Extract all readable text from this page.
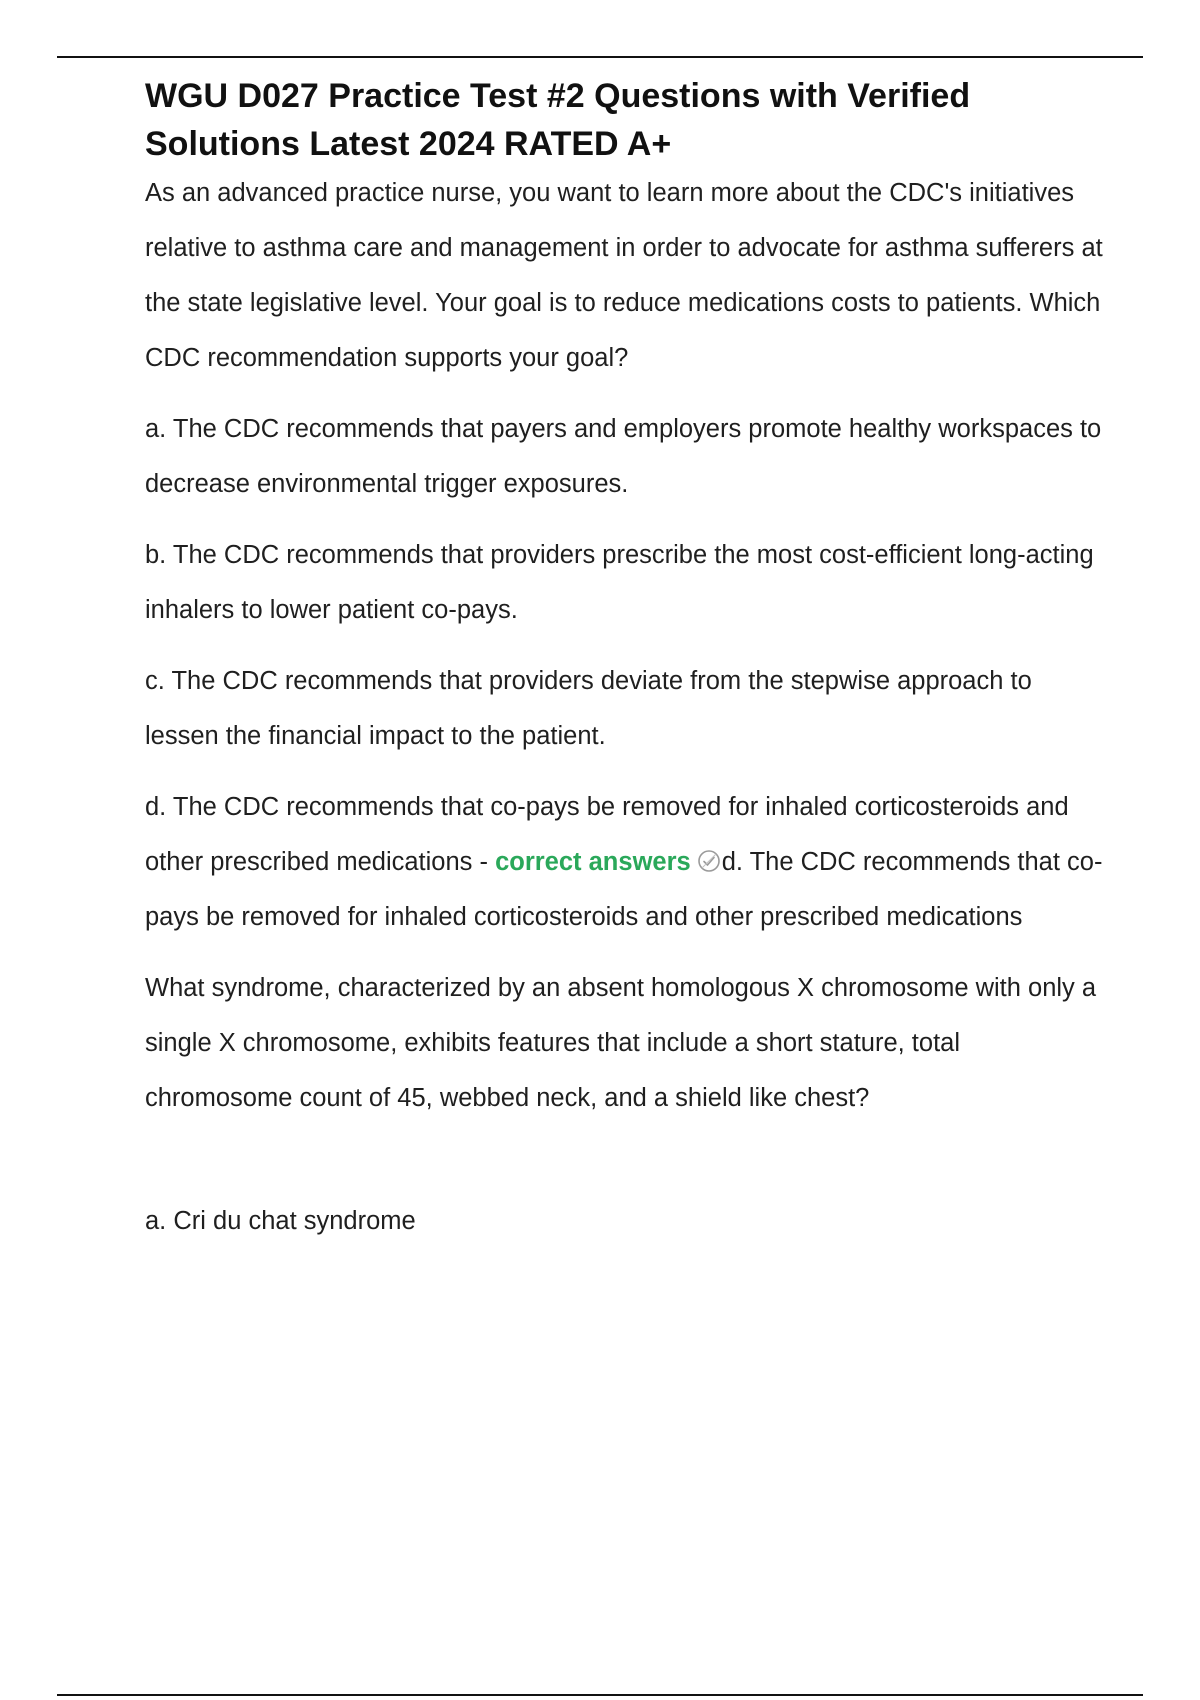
WGU D027 Practice Test #2 Questions with Verified Solutions Latest 2024 RATED A+

As an advanced practice nurse, you want to learn more about the CDC's initiatives relative to asthma care and management in order to advocate for asthma sufferers at the state legislative level. Your goal is to reduce medications costs to patients. Which CDC recommendation supports your goal?

a. The CDC recommends that payers and employers promote healthy workspaces to decrease environmental trigger exposures.

b. The CDC recommends that providers prescribe the most cost-efficient long-acting inhalers to lower patient co-pays.

c. The CDC recommends that providers deviate from the stepwise approach to lessen the financial impact to the patient.

d. The CDC recommends that co-pays be removed for inhaled corticosteroids and other prescribed medications - correct answers d. The CDC recommends that co-pays be removed for inhaled corticosteroids and other prescribed medications

What syndrome, characterized by an absent homologous X chromosome with only a single X chromosome, exhibits features that include a short stature, total chromosome count of 45, webbed neck, and a shield like chest?

a. Cri du chat syndrome
